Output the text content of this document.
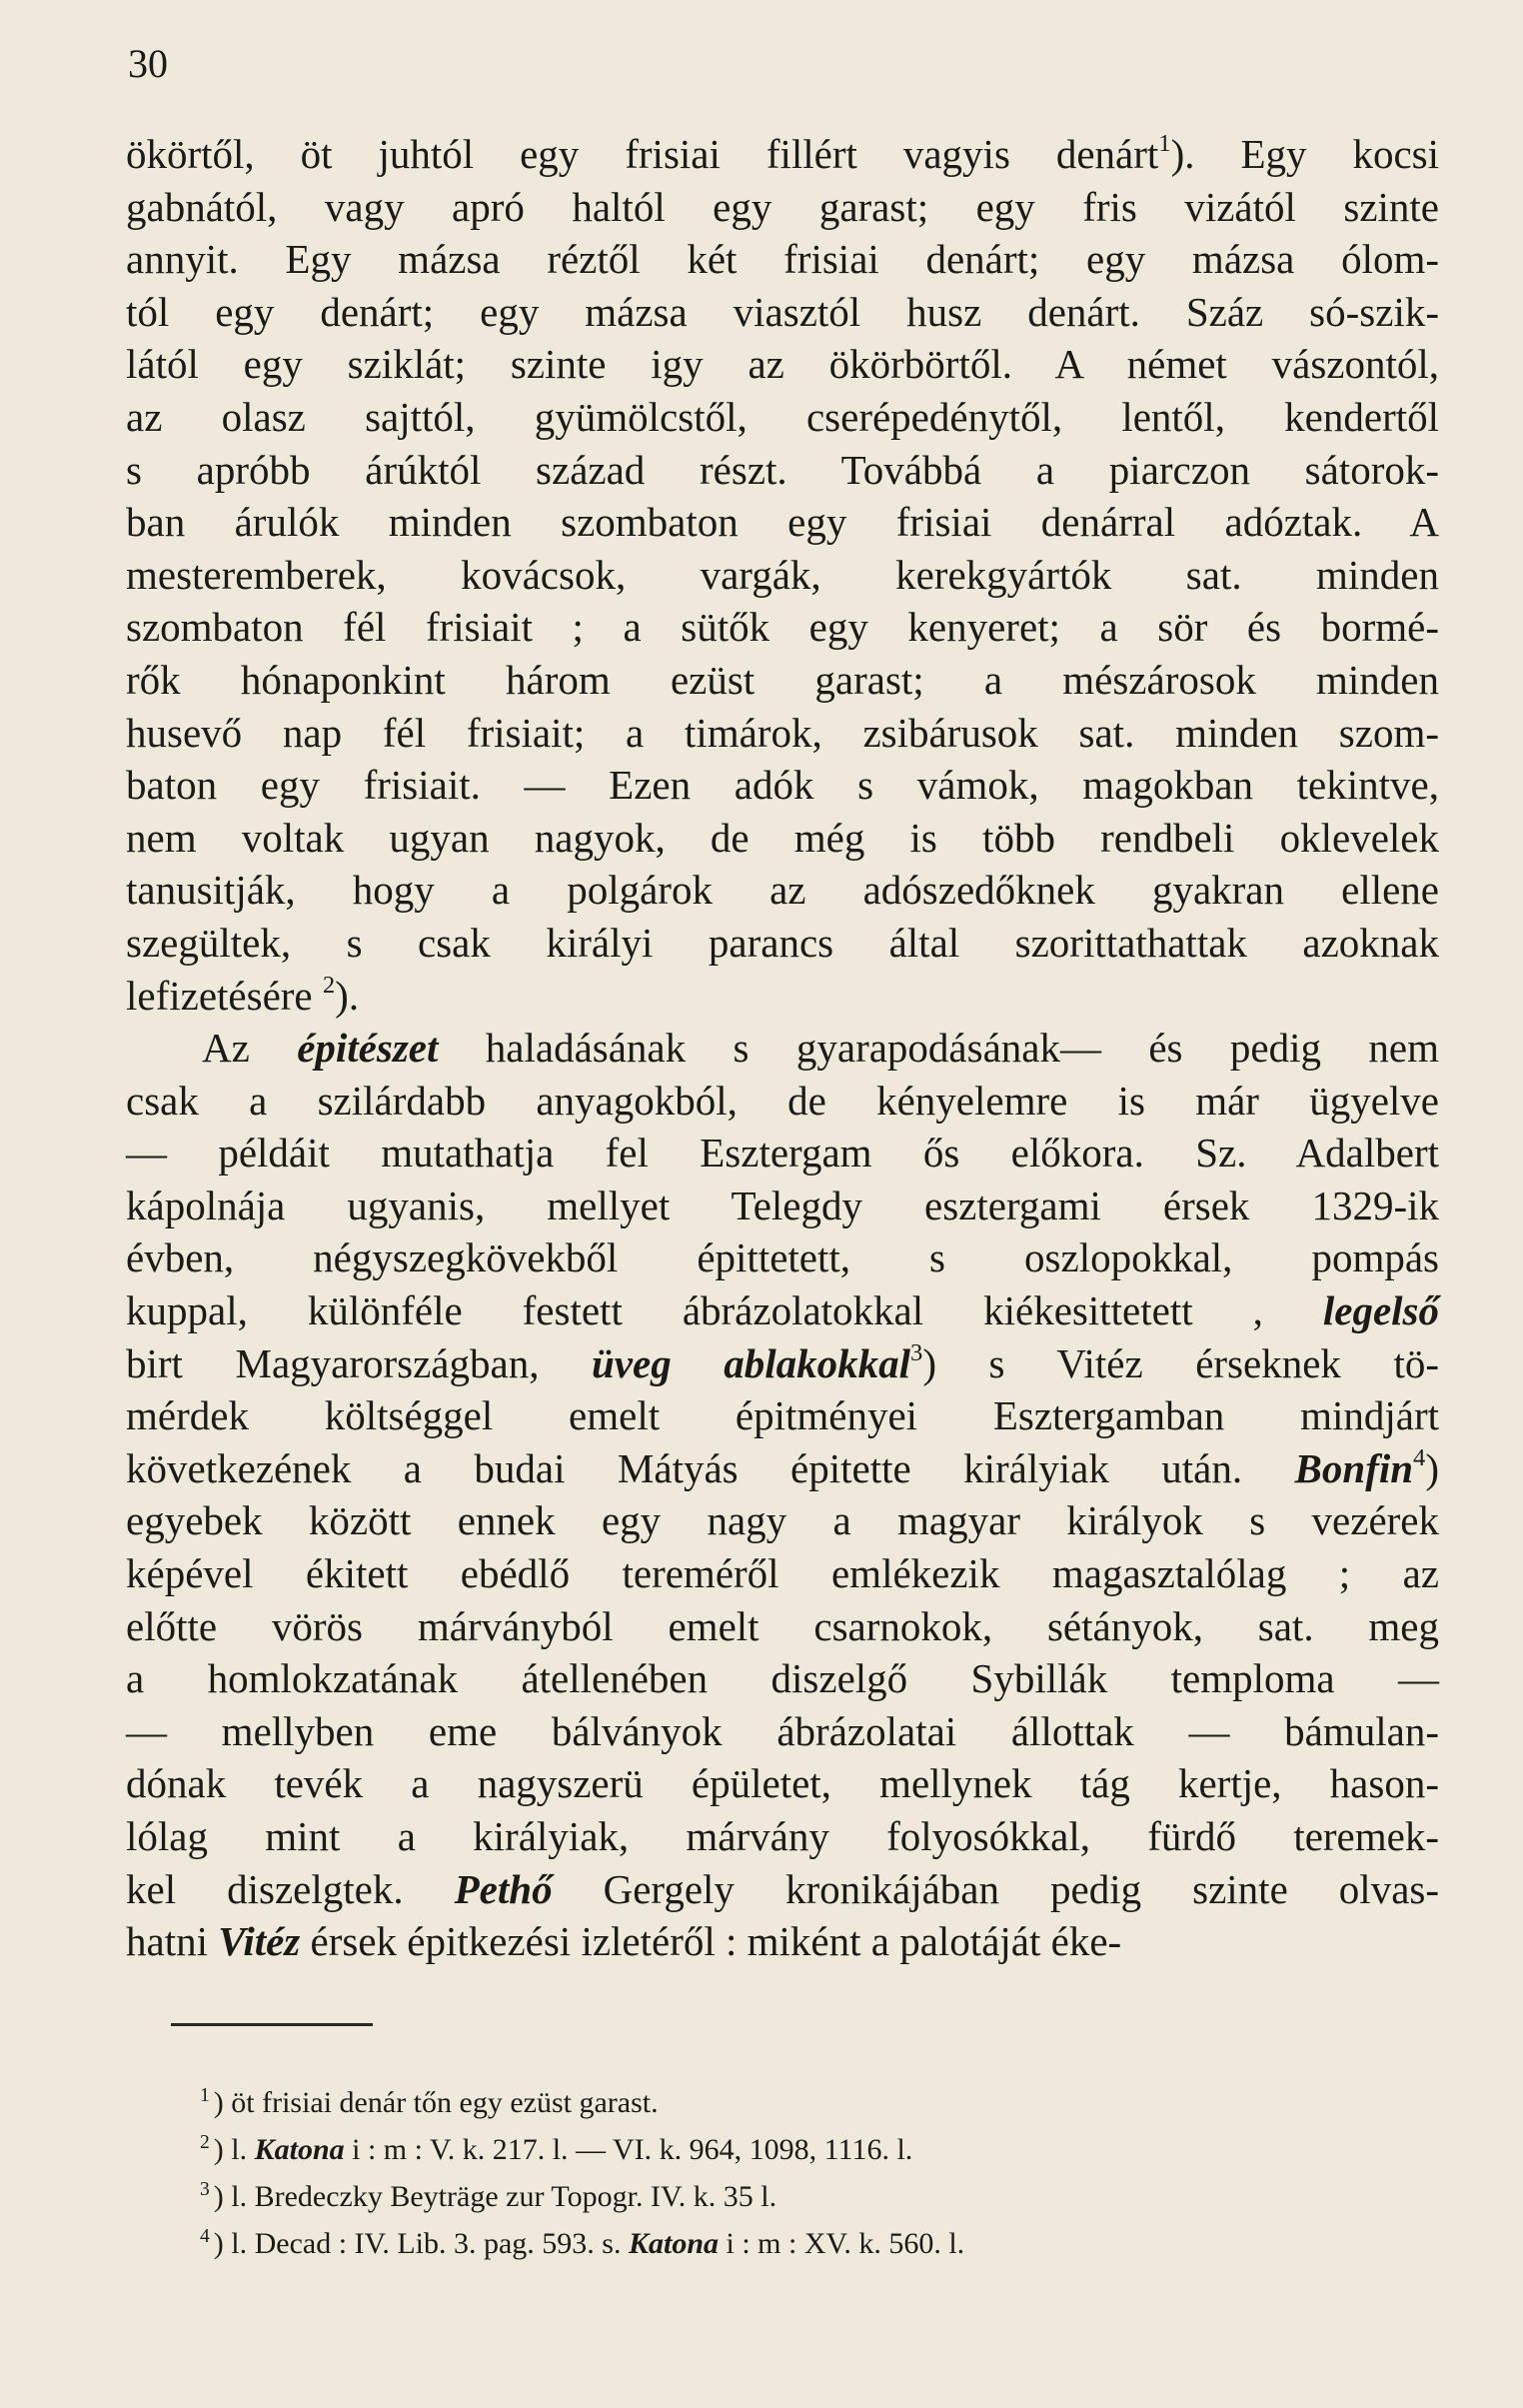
30
ökörtől, öt juhtól egy frisiai fillért vagyis denárt$^1$). Egy kocsi
gabnától, vagy apró haltól egy garast; egy fris vizától szinte
annyit. Egy mázsa réztől két frisiai denárt; egy mázsa ólom-
tól egy denárt; egy mázsa viasztól husz denárt. Száz só-szik-
lától egy sziklát; szinte igy az ökörbörtől. A német vászontól,
az olasz sajttól, gyümölcstől, cserépedénytől, lentől, kendertől
s apróbb árúktól század részt. Továbbá a piarczon sátorok-
ban árulók minden szombaton egy frisiai denárral adóztak. A
mesteremberek, kovácsok, vargák, kerekgyártók sat. minden
szombaton fél frisiait ; a sütők egy kenyeret; a sör és bormé-
rők hónaponkint három ezüst garast; a mészárosok minden
husevő nap fél frisiait; a timárok, zsibárusok sat. minden szom-
baton egy frisiait. — Ezen adók s vámok, magokban tekintve,
nem voltak ugyan nagyok, de még is több rendbeli oklevelek
tanusitják, hogy a polgárok az adószedőknek gyakran ellene
szegültek, s csak királyi parancs által szorittathattak azoknak
lefizetésére $^2$).
Az épitészet haladásának s gyarapodásának— és pedig nem
csak a szilárdabb anyagokból, de kényelemre is már ügyelve
— példáit mutathatja fel Esztergam ős előkora. Sz. Adalbert
kápolnája ugyanis, mellyet Telegdy esztergami érsek 1329-ik
évben, négyszegkövekből épittetett, s oszlopokkal, pompás
kuppal, különféle festett ábrázolatokkal kiékesittetett , legelső
birt Magyarországban, üveg ablakokkal$^3$) s Vitéz érseknek tö-
mérdek költséggel emelt épitményei Esztergamban mindjárt
következének a budai Mátyás épitette királyiak után. Bonfin$^4$)
egyebek között ennek egy nagy a magyar királyok s vezérek
képével ékitett ebédlő tereméről emlékezik magasztalólag ; az
előtte vörös márványból emelt csarnokok, sétányok, sat. meg
a homlokzatának átellenében diszelgő Sybillák temploma —
— mellyben eme bálványok ábrázolatai állottak — bámulan-
dónak tevék a nagyszerü épületet, mellynek tág kertje, hason-
lólag mint a királyiak, márvány folyosókkal, fürdő teremek-
kel diszelgtek. Pethő Gergely kronikájában pedig szinte olvas-
hatni Vitéz érsek épitkezési izletéről : miként a palotáját éke-
$^1$ ) öt frisiai denár tőn egy ezüst garast.
$^2$ ) l. Katona i : m : V. k. 217. l. — VI. k. 964, 1098, 1116. l.
$^3$ ) l. Bredeczky Beyträge zur Topogr. IV. k. 35 l.
$^4$ ) l. Decad : IV. Lib. 3. pag. 593. s. Katona i : m : XV. k. 560. l.
